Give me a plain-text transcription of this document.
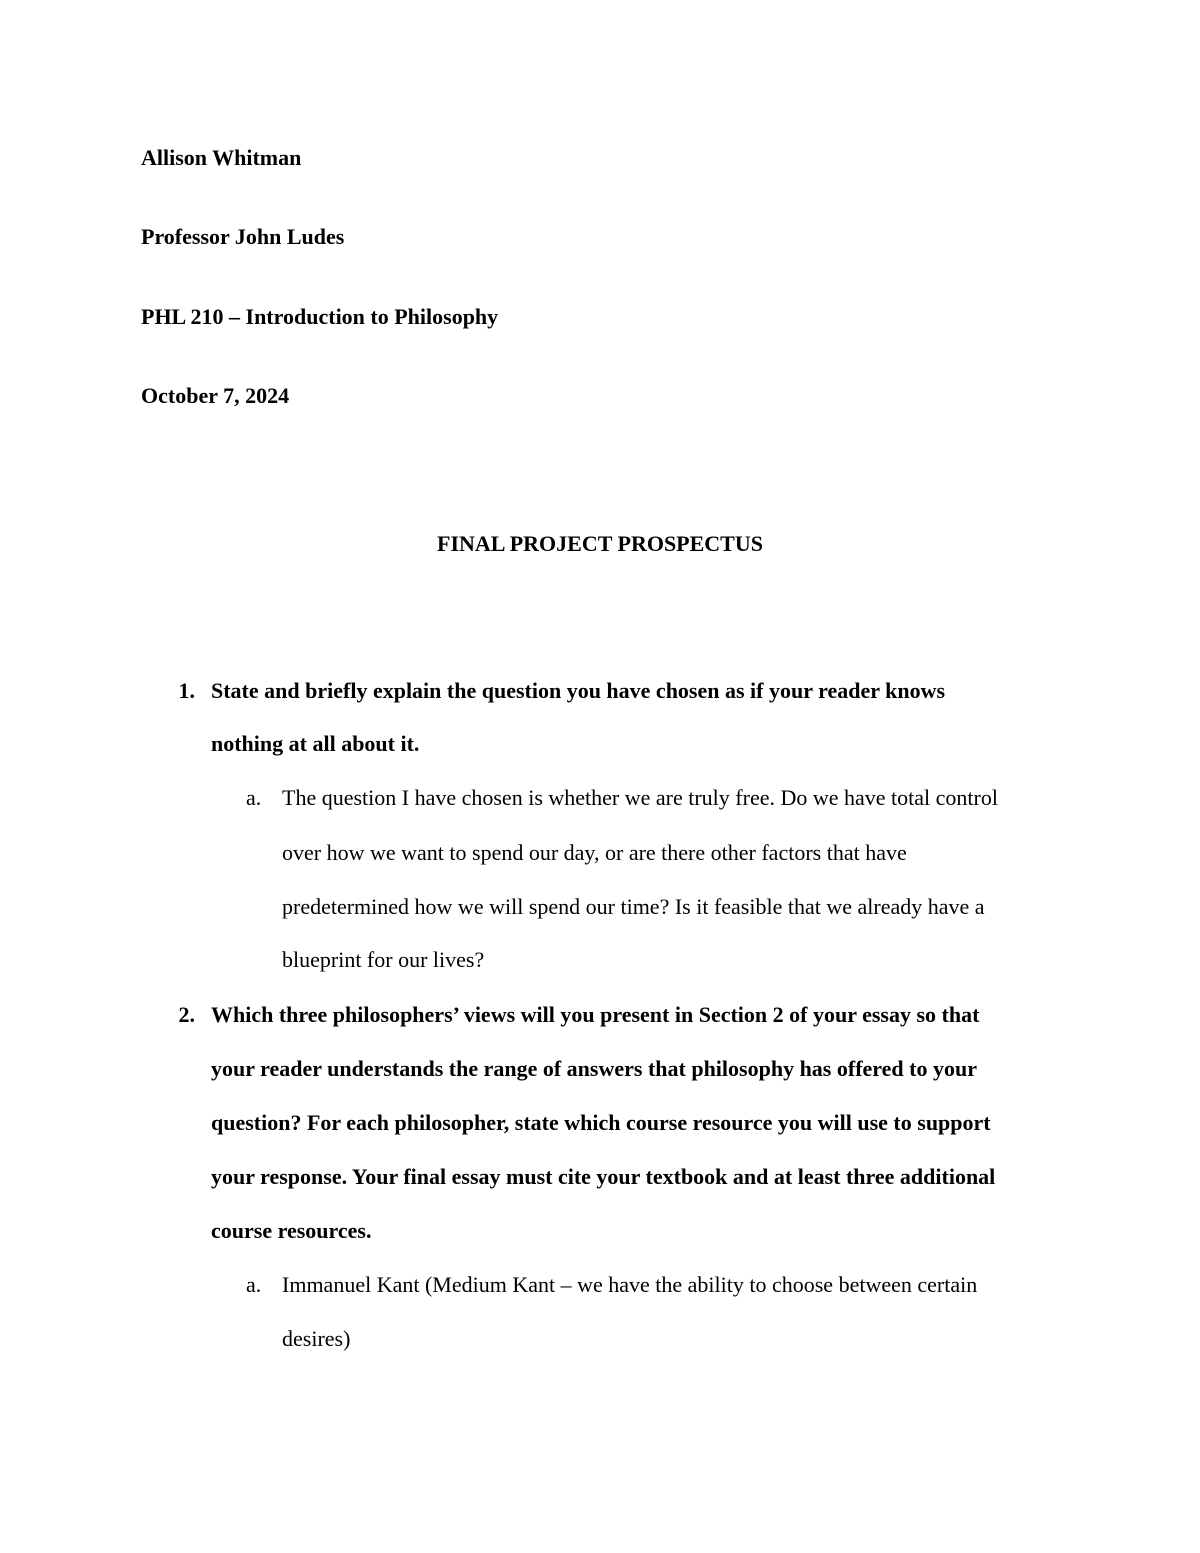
Allison Whitman
Professor John Ludes
PHL 210 – Introduction to Philosophy
October 7, 2024
FINAL PROJECT PROSPECTUS
1. State and briefly explain the question you have chosen as if your reader knows
nothing at all about it.
a. The question I have chosen is whether we are truly free. Do we have total control
over how we want to spend our day, or are there other factors that have
predetermined how we will spend our time? Is it feasible that we already have a
blueprint for our lives?
2. Which three philosophers’ views will you present in Section 2 of your essay so that
your reader understands the range of answers that philosophy has offered to your
question? For each philosopher, state which course resource you will use to support
your response. Your final essay must cite your textbook and at least three additional
course resources.
a. Immanuel Kant (Medium Kant – we have the ability to choose between certain
desires)
